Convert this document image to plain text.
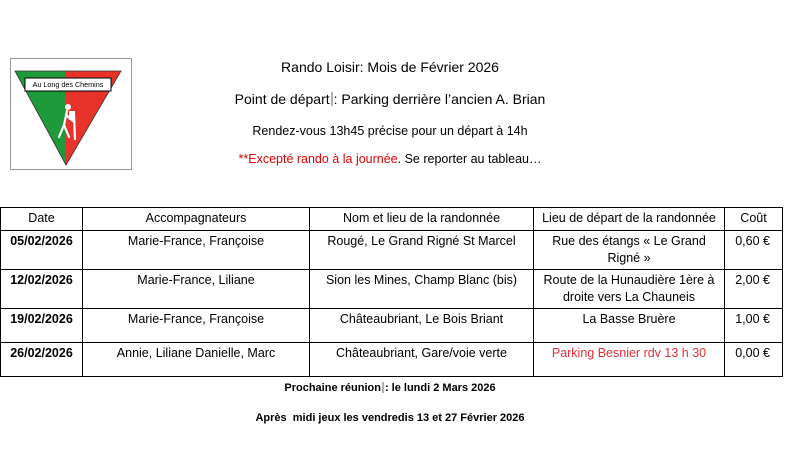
Au Long des Chemins
Rando Loisir: Mois de Février 2026
Point de départ : Parking derrière l’ancien A. Brian
Rendez-vous 13h45 précise pour un départ à 14h
**Excepté rando à la journée. Se reporter au tableau…
Date	Accompagnateurs	Nom et lieu de la randonnée	Lieu de départ de la randonnée	Coût
05/02/2026	Marie-France, Françoise	Rougé, Le Grand Rigné St Marcel	Rue des étangs « Le Grand Rigné »	0,60 €
12/02/2026	Marie-France, Liliane	Sion les Mines, Champ Blanc (bis)	Route de la Hunaudière 1ère à droite vers La Chauneis	2,00 €
19/02/2026	Marie-France, Françoise	Châteaubriant, Le Bois Briant	La Basse Bruère	1,00 €
26/02/2026	Annie, Liliane Danielle, Marc	Châteaubriant, Gare/voie verte	Parking Besnier rdv 13 h 30	0,00 €
Prochaine réunion : le lundi 2 Mars 2026
Après  midi jeux les vendredis 13 et 27 Février 2026
